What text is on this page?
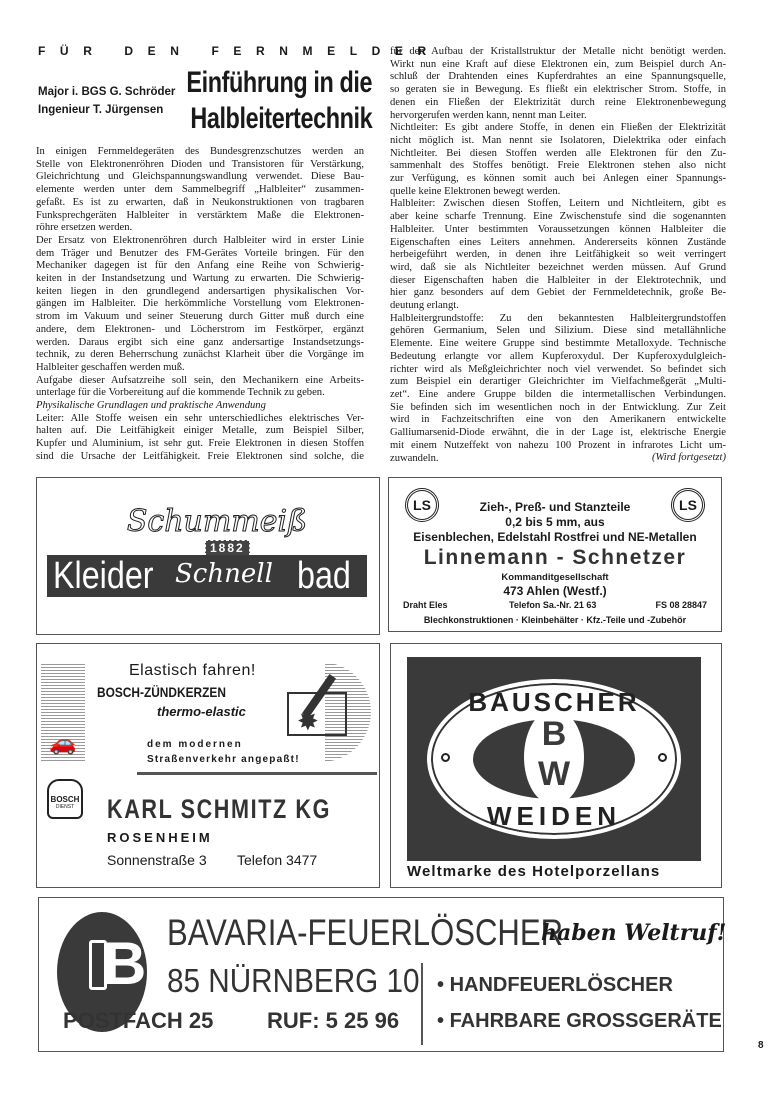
FÜR DEN FERNMELDER
Major i. BGS G. Schröder
Ingenieur T. Jürgensen
Einführung in die
Halbleitertechnik
In einigen Fernmeldegeräten des Bundesgrenzschutzes werden an
Stelle von Elektronenröhren Dioden und Transistoren für Verstärkung,
Gleichrichtung und Gleichspannungswandlung verwendet. Diese Bau-
elemente werden unter dem Sammelbegriff „Halbleiter“ zusammen-
gefaßt. Es ist zu erwarten, daß in Neukonstruktionen von tragbaren
Funksprechgeräten Halbleiter in verstärktem Maße die Elektronen-
röhre ersetzen werden.
Der Ersatz von Elektronenröhren durch Halbleiter wird in erster Linie
dem Träger und Benutzer des FM-Gerätes Vorteile bringen. Für den
Mechaniker dagegen ist für den Anfang eine Reihe von Schwierig-
keiten in der Instandsetzung und Wartung zu erwarten. Die Schwierig-
keiten liegen in den grundlegend andersartigen physikalischen Vor-
gängen im Halbleiter. Die herkömmliche Vorstellung vom Elektronen-
strom im Vakuum und seiner Steuerung durch Gitter muß durch eine
andere, dem Elektronen- und Löcherstrom im Festkörper, ergänzt
werden. Daraus ergibt sich eine ganz andersartige Instandsetzungs-
technik, zu deren Beherrschung zunächst Klarheit über die Vorgänge im
Halbleiter geschaffen werden muß.
Aufgabe dieser Aufsatzreihe soll sein, den Mechanikern eine Arbeits-
unterlage für die Vorbereitung auf die kommende Technik zu geben.
Physikalische Grundlagen und praktische Anwendung
Leiter: Alle Stoffe weisen ein sehr unterschiedliches elektrisches Ver-
halten auf. Die Leitfähigkeit einiger Metalle, zum Beispiel Silber,
Kupfer und Aluminium, ist sehr gut. Freie Elektronen in diesen Stoffen
sind die Ursache der Leitfähigkeit. Freie Elektronen sind solche, die
für den Aufbau der Kristallstruktur der Metalle nicht benötigt werden.
Wirkt nun eine Kraft auf diese Elektronen ein, zum Beispiel durch An-
schluß der Drahtenden eines Kupferdrahtes an eine Spannungsquelle,
so geraten sie in Bewegung. Es fließt ein elektrischer Strom. Stoffe, in
denen ein Fließen der Elektrizität durch reine Elektronenbewegung
hervorgerufen werden kann, nennt man Leiter.
Nichtleiter: Es gibt andere Stoffe, in denen ein Fließen der Elektrizität
nicht möglich ist. Man nennt sie Isolatoren, Dielektrika oder einfach
Nichtleiter. Bei diesen Stoffen werden alle Elektronen für den Zu-
sammenhalt des Stoffes benötigt. Freie Elektronen stehen also nicht
zur Verfügung, es können somit auch bei Anlegen einer Spannungs-
quelle keine Elektronen bewegt werden.
Halbleiter: Zwischen diesen Stoffen, Leitern und Nichtleitern, gibt es
aber keine scharfe Trennung. Eine Zwischenstufe sind die sogenannten
Halbleiter. Unter bestimmten Voraussetzungen können Halbleiter die
Eigenschaften eines Leiters annehmen. Andererseits können Zustände
herbeigeführt werden, in denen ihre Leitfähigkeit so weit verringert
wird, daß sie als Nichtleiter bezeichnet werden müssen. Auf Grund
dieser Eigenschaften haben die Halbleiter in der Elektrotechnik, und
hier ganz besonders auf dem Gebiet der Fernmeldetechnik, große Be-
deutung erlangt.
Halbleitergrundstoffe: Zu den bekanntesten Halbleitergrundstoffen
gehören Germanium, Selen und Silizium. Diese sind metallähnliche
Elemente. Eine weitere Gruppe sind bestimmte Metalloxyde. Technische
Bedeutung erlangte vor allem Kupferoxydul. Der Kupferoxydulgleich-
richter wird als Meßgleichrichter noch viel verwendet. So befindet sich
zum Beispiel ein derartiger Gleichrichter im Vielfachmeßgerät „Multi-
zet“. Eine andere Gruppe bilden die intermetallischen Verbindungen.
Sie befinden sich im wesentlichen noch in der Entwicklung. Zur Zeit
wird in Fachzeitschriften eine von den Amerikanern entwickelte
Galliumarsenid-Diode erwähnt, die in der Lage ist, elektrische Energie
mit einem Nutzeffekt von nahezu 100 Prozent in infrarotes Licht um-
zuwandeln.	(Wird fortgesetzt)
Schummeiß
1882
Kleider Schnell bad
LS	LS
Zieh-, Preß- und Stanzteile
0,2 bis 5 mm, aus
Eisenblechen, Edelstahl Rostfrei und NE-Metallen
Linnemann - Schnetzer
Kommanditgesellschaft
473 Ahlen (Westf.)
Draht Eles	Telefon Sa.-Nr. 21 63	FS 08 28847
Blechkonstruktionen · Kleinbehälter · Kfz.-Teile und -Zubehör
Elastisch fahren!
BOSCH-ZÜNDKERZEN
thermo-elastic ✸
🚗	dem modernen
Straßenverkehr angepaßt!
BOSCH
DIENST KARL SCHMITZ KG
ROSENHEIM
Sonnenstraße 3 Telefon 3477
B
W
BAUSCHER
WEIDEN
Weltmarke des Hotelporzellans
B BAVARIA-FEUERLÖSCHER
haben Weltruf!
85 NÜRNBERG 10
POSTFACH 25 RUF: 5 25 96
• HANDFEUERLÖSCHER
• FAHRBARE GROSSGERÄTE
8
